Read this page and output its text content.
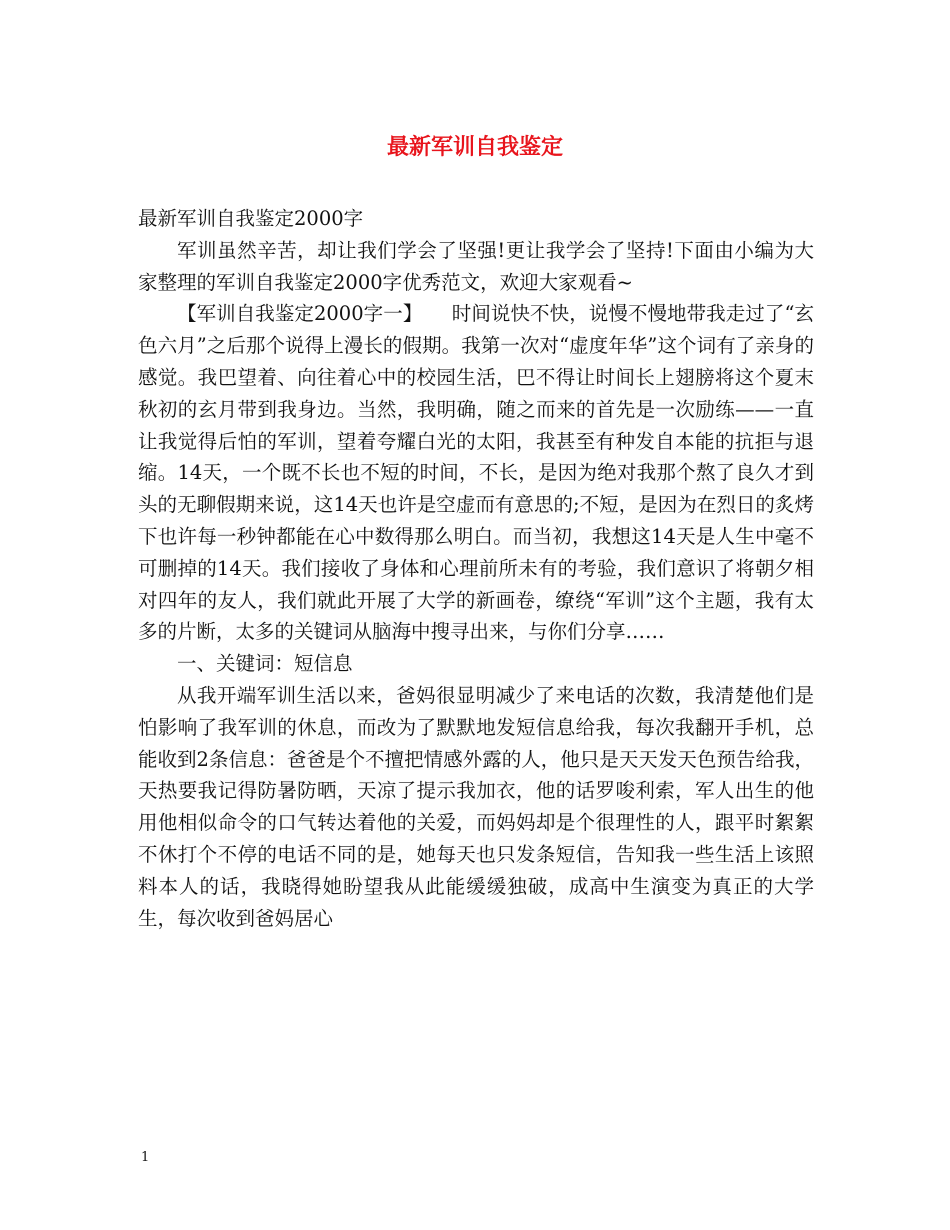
最新军训自我鉴定

最新军训自我鉴定2000字

军训虽然辛苦，却让我们学会了坚强!更让我学会了坚持!下面由小编为大家整理的军训自我鉴定2000字优秀范文，欢迎大家观看~

【军训自我鉴定2000字一】　　时间说快不快，说慢不慢地带我走过了“玄色六月”之后那个说得上漫长的假期。我第一次对“虚度年华”这个词有了亲身的感觉。我巴望着、向往着心中的校园生活，巴不得让时间长上翅膀将这个夏末秋初的玄月带到我身边。当然，我明确，随之而来的首先是一次励练——一直让我觉得后怕的军训，望着夸耀白光的太阳，我甚至有种发自本能的抗拒与退缩。14天，一个既不长也不短的时间，不长，是因为绝对我那个熬了良久才到头的无聊假期来说，这14天也许是空虚而有意思的;不短，是因为在烈日的炙烤下也许每一秒钟都能在心中数得那么明白。而当初，我想这14天是人生中毫不可删掉的14天。我们接收了身体和心理前所未有的考验，我们意识了将朝夕相对四年的友人，我们就此开展了大学的新画卷，缭绕“军训”这个主题，我有太多的片断，太多的关键词从脑海中搜寻出来，与你们分享……

一、关键词：短信息

从我开端军训生活以来，爸妈很显明减少了来电话的次数，我清楚他们是怕影响了我军训的休息，而改为了默默地发短信息给我，每次我翻开手机，总能收到2条信息：爸爸是个不擅把情感外露的人，他只是天天发天色预告给我，天热要我记得防暑防晒，天凉了提示我加衣，他的话罗唆利索，军人出生的他用他相似命令的口气转达着他的关爱，而妈妈却是个很理性的人，跟平时絮絮不休打个不停的电话不同的是，她每天也只发条短信，告知我一些生活上该照料本人的话，我晓得她盼望我从此能缓缓独破，成高中生演变为真正的大学生，每次收到爸妈居心

1
